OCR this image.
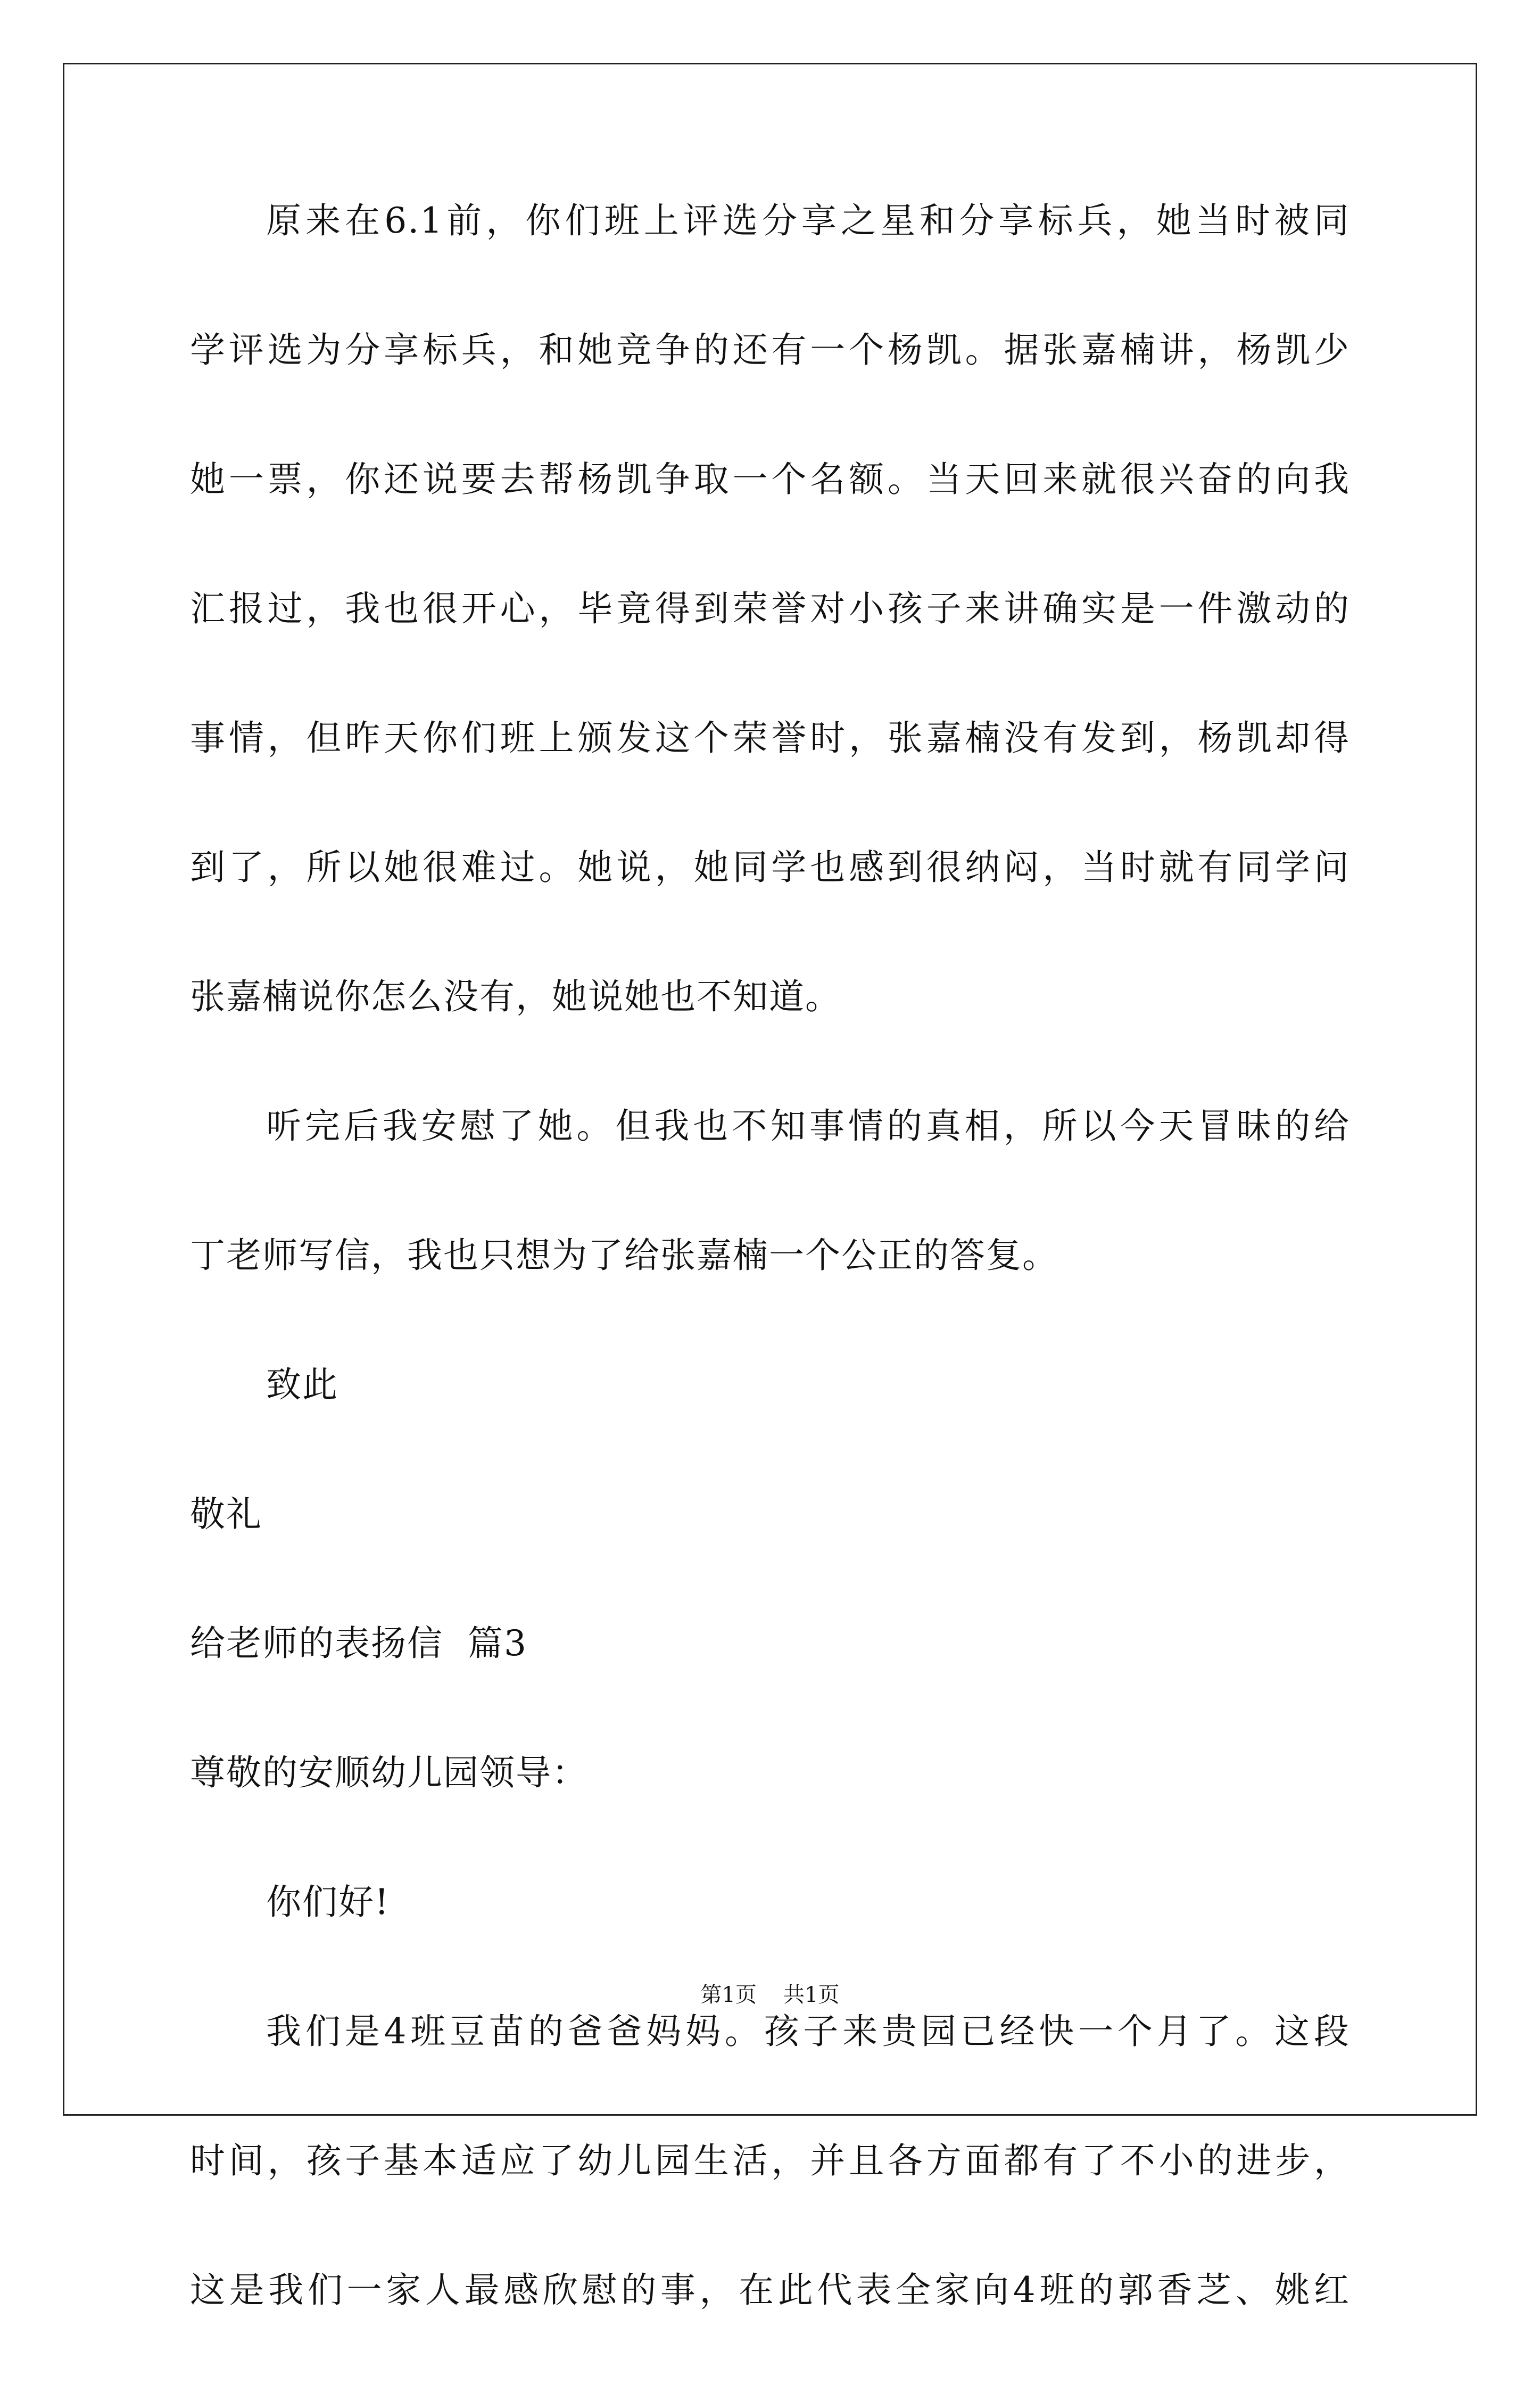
原来在6.1前，你们班上评选分享之星和分享标兵，她当时被同
学评选为分享标兵，和她竞争的还有一个杨凯。据张嘉楠讲，杨凯少
她一票，你还说要去帮杨凯争取一个名额。当天回来就很兴奋的向我
汇报过，我也很开心，毕竟得到荣誉对小孩子来讲确实是一件激动的
事情，但昨天你们班上颁发这个荣誉时，张嘉楠没有发到，杨凯却得
到了，所以她很难过。她说，她同学也感到很纳闷，当时就有同学问
张嘉楠说你怎么没有，她说她也不知道。
听完后我安慰了她。但我也不知事情的真相，所以今天冒昧的给
丁老师写信，我也只想为了给张嘉楠一个公正的答复。
致此
敬礼
给老师的表扬信  篇3
尊敬的安顺幼儿园领导：
你们好!
我们是4班豆苗的爸爸妈妈。孩子来贵园已经快一个月了。这段
时间，孩子基本适应了幼儿园生活，并且各方面都有了不小的进步，
这是我们一家人最感欣慰的事，在此代表全家向4班的郭香芝、姚红
第1页 共1页
